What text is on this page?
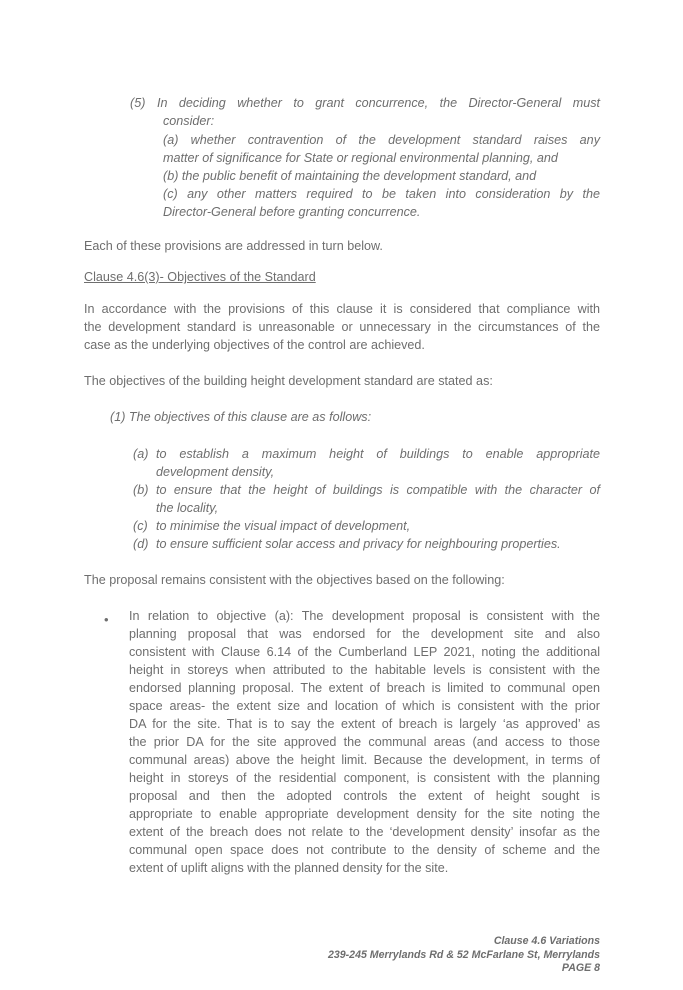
(5) In deciding whether to grant concurrence, the Director-General must
consider:
(a) whether contravention of the development standard raises any
matter of significance for State or regional environmental planning, and
(b) the public benefit of maintaining the development standard, and
(c) any other matters required to be taken into consideration by the
Director-General before granting concurrence.
Each of these provisions are addressed in turn below.
Clause 4.6(3)- Objectives of the Standard
In accordance with the provisions of this clause it is considered that compliance with
the development standard is unreasonable or unnecessary in the circumstances of the
case as the underlying objectives of the control are achieved.
The objectives of the building height development standard are stated as:
(1) The objectives of this clause are as follows:
(a) to establish a maximum height of buildings to enable appropriate
development density,
(b) to ensure that the height of buildings is compatible with the character of
the locality,
(c) to minimise the visual impact of development,
(d) to ensure sufficient solar access and privacy for neighbouring properties.
The proposal remains consistent with the objectives based on the following:
• In relation to objective (a): The development proposal is consistent with the
planning proposal that was endorsed for the development site and also
consistent with Clause 6.14 of the Cumberland LEP 2021, noting the additional
height in storeys when attributed to the habitable levels is consistent with the
endorsed planning proposal. The extent of breach is limited to communal open
space areas- the extent size and location of which is consistent with the prior
DA for the site. That is to say the extent of breach is largely ‘as approved’ as
the prior DA for the site approved the communal areas (and access to those
communal areas) above the height limit. Because the development, in terms of
height in storeys of the residential component, is consistent with the planning
proposal and then the adopted controls the extent of height sought is
appropriate to enable appropriate development density for the site noting the
extent of the breach does not relate to the ‘development density’ insofar as the
communal open space does not contribute to the density of scheme and the
extent of uplift aligns with the planned density for the site.
Clause 4.6 Variations
239-245 Merrylands Rd & 52 McFarlane St, Merrylands
PAGE 8
